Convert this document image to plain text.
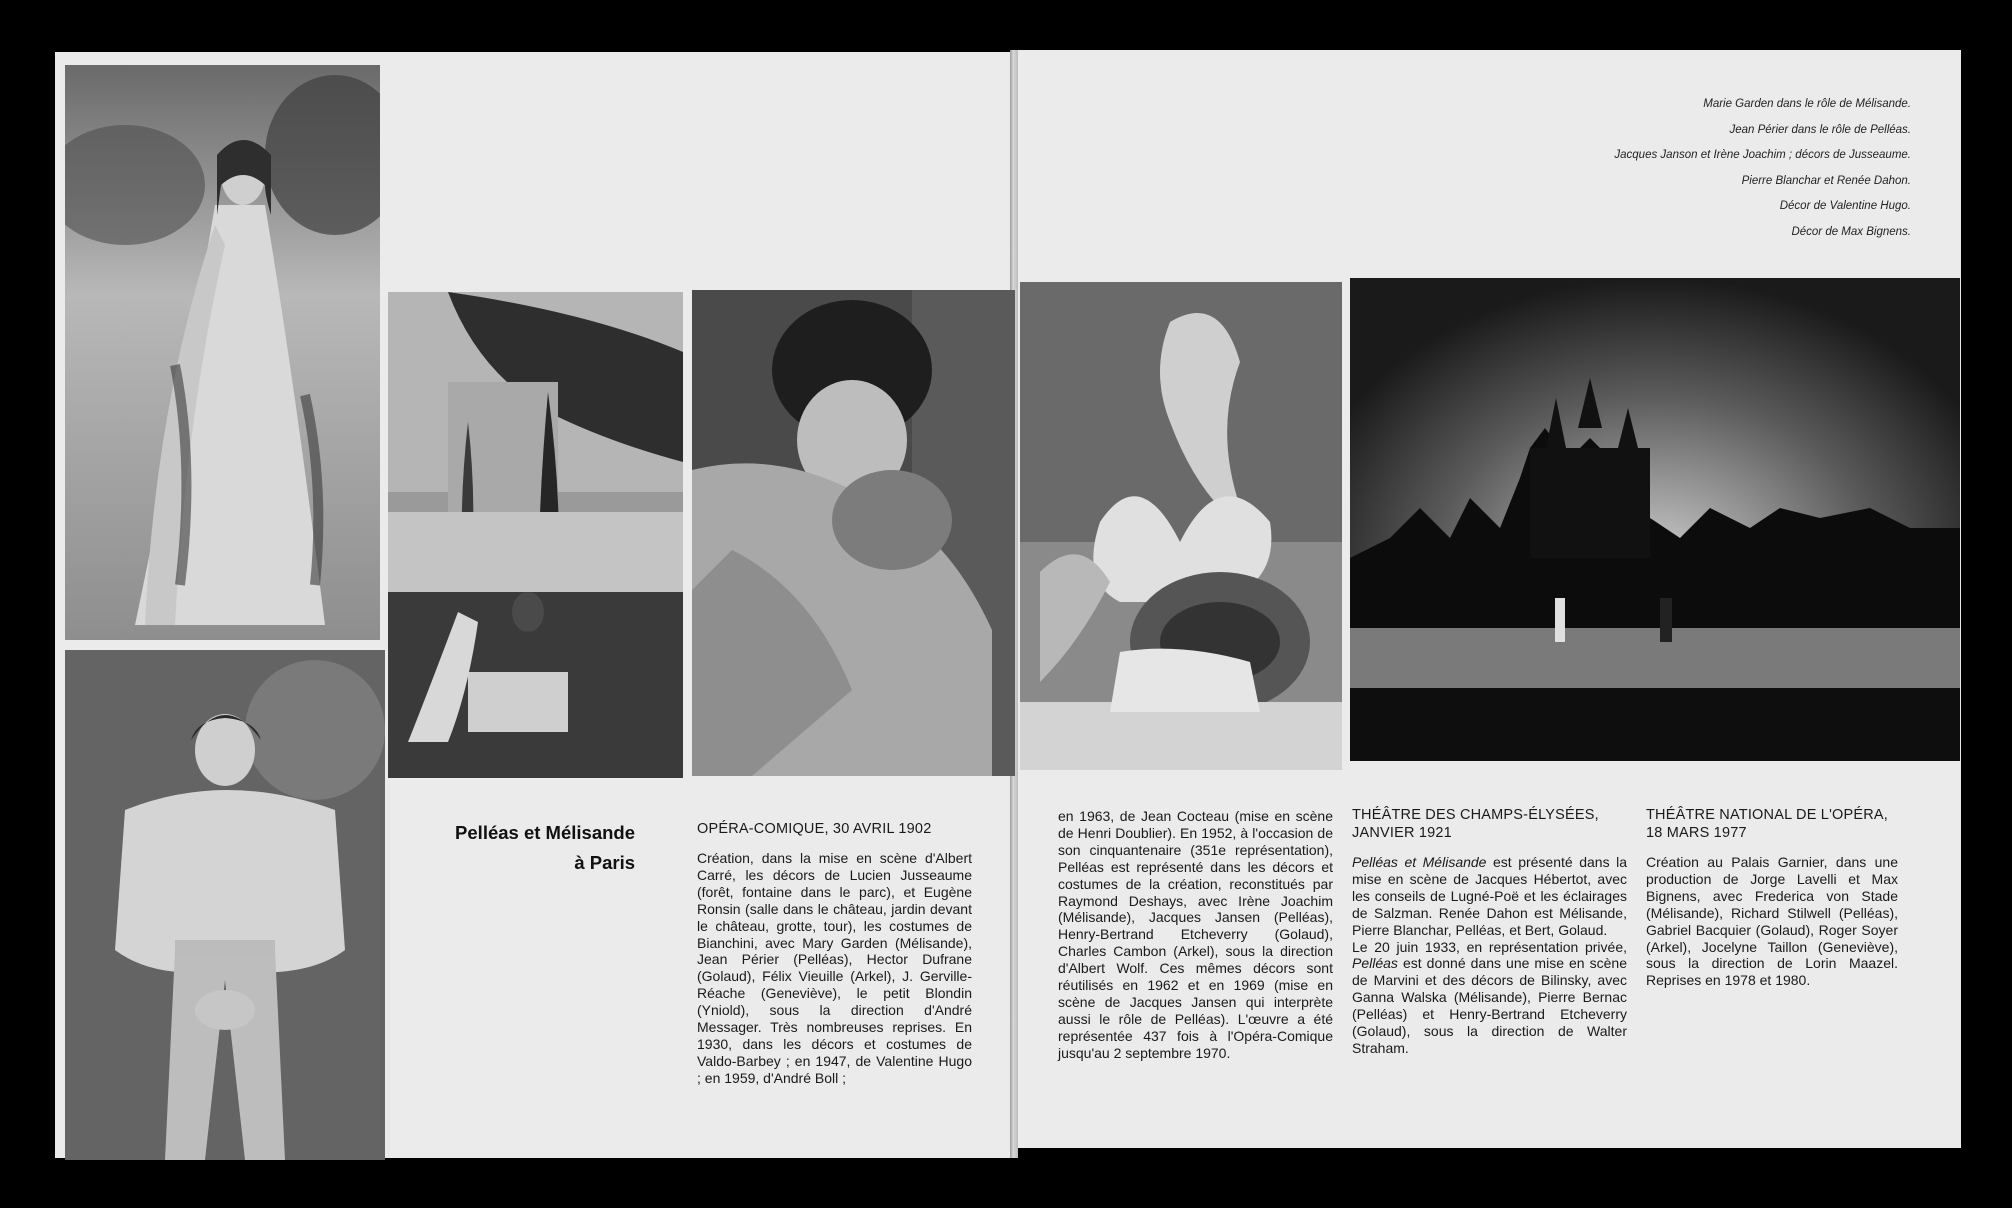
Marie Garden dans le rôle de Mélisande.
Jean Périer dans le rôle de Pelléas.
Jacques Janson et Irène Joachim ; décors de Jusseaume.
Pierre Blanchar et Renée Dahon.
Décor de Valentine Hugo.
Décor de Max Bignens.
Pelléas et Mélisande
à Paris
OPÉRA-COMIQUE, 30 AVRIL 1902
Création, dans la mise en scène d'Albert Carré, les décors de Lucien Jusseaume (forêt, fontaine dans le parc), et Eugène Ronsin (salle dans le château, jardin devant le château, grotte, tour), les costumes de Bianchini, avec Mary Garden (Mélisande), Jean Périer (Pelléas), Hector Dufrane (Golaud), Félix Vieuille (Arkel), J. Gerville-Réache (Geneviève), le petit Blondin (Yniold), sous la direction d'André Messager. Très nombreuses reprises. En 1930, dans les décors et costumes de Valdo-Barbey ; en 1947, de Valentine Hugo ; en 1959, d'André Boll ;
en 1963, de Jean Cocteau (mise en scène de Henri Doublier). En 1952, à l'occasion de son cinquantenaire (351e représentation), Pelléas est représenté dans les décors et costumes de la création, reconstitués par Raymond Deshays, avec Irène Joachim (Mélisande), Jacques Jansen (Pelléas), Henry-Bertrand Etcheverry (Golaud), Charles Cambon (Arkel), sous la direction d'Albert Wolf. Ces mêmes décors sont réutilisés en 1962 et en 1969 (mise en scène de Jacques Jansen qui interprète aussi le rôle de Pelléas). L'œuvre a été représentée 437 fois à l'Opéra-Comique jusqu'au 2 septembre 1970.
THÉÂTRE DES CHAMPS-ÉLYSÉES, JANVIER 1921
Pelléas et Mélisande est présenté dans la mise en scène de Jacques Hébertot, avec les conseils de Lugné-Poë et les éclairages de Salzman. Renée Dahon est Mélisande, Pierre Blanchar, Pelléas, et Bert, Golaud.
Le 20 juin 1933, en représentation privée, Pelléas est donné dans une mise en scène de Marvini et des décors de Bilinsky, avec Ganna Walska (Mélisande), Pierre Bernac (Pelléas) et Henry-Bertrand Etcheverry (Golaud), sous la direction de Walter Straham.
THÉÂTRE NATIONAL DE L'OPÉRA, 18 MARS 1977
Création au Palais Garnier, dans une production de Jorge Lavelli et Max Bignens, avec Frederica von Stade (Mélisande), Richard Stilwell (Pelléas), Gabriel Bacquier (Golaud), Roger Soyer (Arkel), Jocelyne Taillon (Geneviève), sous la direction de Lorin Maazel. Reprises en 1978 et 1980.
